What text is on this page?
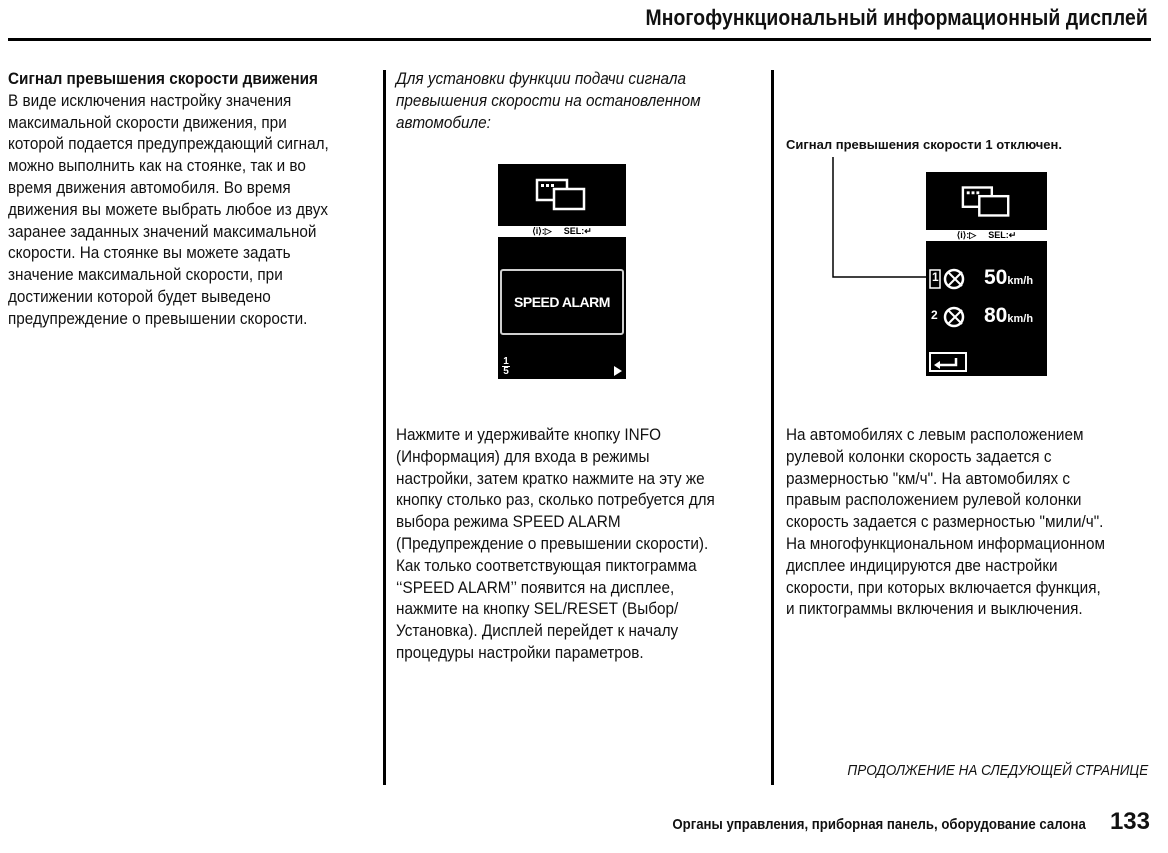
Многофункциональный информационный дисплей
Сигнал превышения скорости движения
В виде исключения настройку значения
максимальной скорости движения, при
которой подается предупреждающий сигнал,
можно выполнить как на стоянке, так и во
время движения автомобиля. Во время
движения вы можете выбрать любое из двух
заранее заданных значений максимальной
скорости. На стоянке вы можете задать
значение максимальной скорости, при
достижении которой будет выведено
предупреждение о превышении скорости.
Для установки функции подачи сигнала
превышения скорости на остановленном
автомобиле:
⟨i⟩:▷ SEL:↵
SPEED ALARM
1
5
Нажмите и удерживайте кнопку INFO
(Информация) для входа в режимы
настройки, затем кратко нажмите на эту же
кнопку столько раз, сколько потребуется для
выбора режима SPEED ALARM
(Предупреждение о превышении скорости).
Как только соответствующая пиктограмма
‘‘SPEED ALARM’’ появится на дисплее,
нажмите на кнопку SEL/RESET (Выбор/
Установка). Дисплей перейдет к началу
процедуры настройки параметров.
Сигнал превышения скорости 1 отключен.
⟨i⟩:▷ SEL:↵
1 50km/h
2 80km/h
На автомобилях с левым расположением
рулевой колонки скорость задается с
размерностью "км/ч". На автомобилях с
правым расположением рулевой колонки
скорость задается с размерностью "мили/ч".
На многофункциональном информационном
дисплее индицируются две настройки
скорости, при которых включается функция,
и пиктограммы включения и выключения.
ПРОДОЛЖЕНИЕ НА СЛЕДУЮЩЕЙ СТРАНИЦЕ
Органы управления, приборная панель, оборудование салона 133
